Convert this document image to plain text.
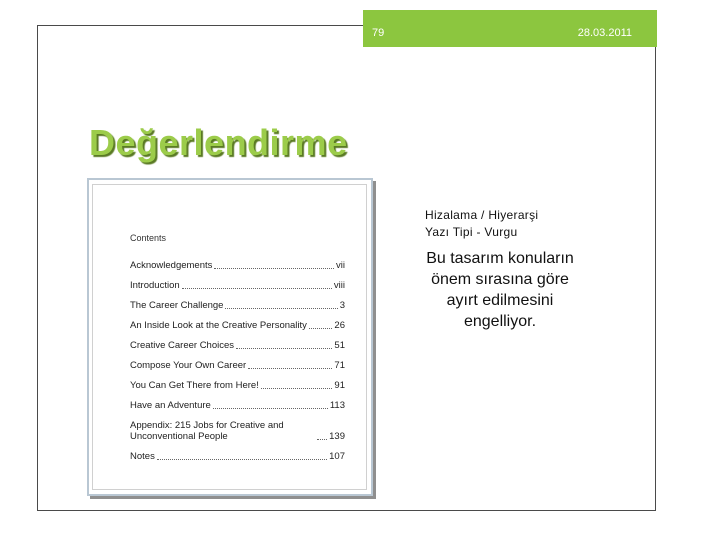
79	28.03.2011
Değerlendirme
Contents
Acknowledgements	vii
Introduction	viii
The Career Challenge	3
An Inside Look at the Creative Personality	26
Creative Career Choices	51
Compose Your Own Career	71
You Can Get There from Here!	91
Have an Adventure	113
Appendix: 215 Jobs for Creative and Unconventional People	139
Notes	107
Hizalama / Hiyerarşi
Yazı Tipi - Vurgu
Bu tasarım konuların önem sırasına göre ayırt edilmesini engelliyor.
